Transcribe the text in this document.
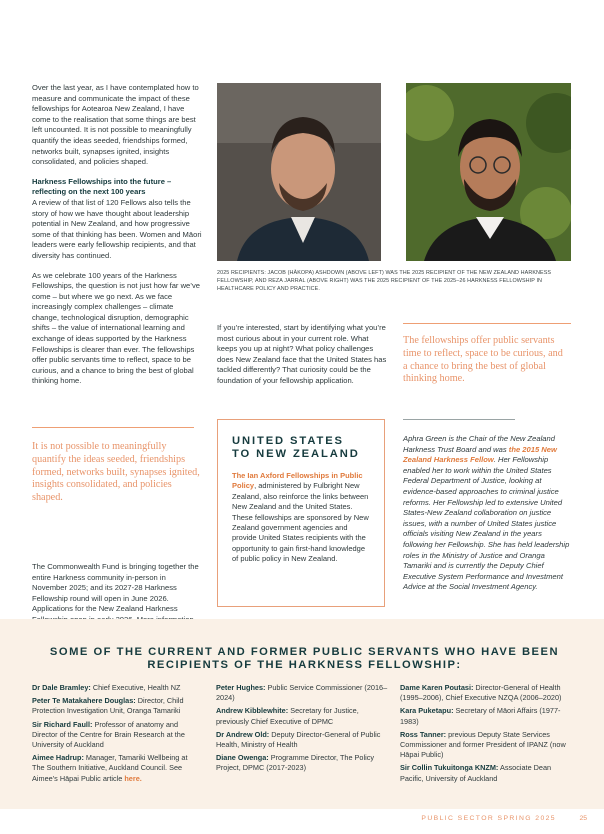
Over the last year, as I have contemplated how to measure and communicate the impact of these fellowships for Aotearoa New Zealand, I have come to the realisation that some things are best left uncounted. It is not possible to meaningfully quantify the ideas seeded, friendships formed, networks built, synapses ignited, insights consolidated, and policies shaped.

Harkness Fellowships into the future – reflecting on the next 100 years

A review of that list of 120 Fellows also tells the story of how we have thought about leadership potential in New Zealand, and how progressive some of that thinking has been. Women and Māori leaders were early fellowship recipients, and that diversity has continued.

As we celebrate 100 years of the Harkness Fellowships, the question is not just how far we’ve come – but where we go next. As we face increasingly complex challenges – climate change, technological disruption, demographic shifts – the value of international learning and exchange of ideas supported by the Harkness Fellowships is clearer than ever. The fellowships offer public servants time to reflect, space to be curious, and a chance to bring the best of global thinking home.

It is not possible to meaningfully quantify the ideas seeded, friendships formed, networks built, synapses ignited, insights consolidated, and policies shaped.
The Commonwealth Fund is bringing together the entire Harkness community in-person in November 2025; and its 2027-28 Harkness Fellowship round will open in June 2026. Applications for the New Zealand Harkness
2025 RECIPIENTS: JACOB (HĀKOPA) ASHDOWN (ABOVE LEFT) WAS THE 2025 RECIPIENT OF THE NEW ZEALAND HARKNESS FELLOWSHIP, AND REZA JARRAL (ABOVE RIGHT) WAS THE 2025 RECIPIENT OF THE 2025–26 HARKNESS FELLOWSHIP IN HEALTHCARE POLICY AND PRACTICE.
If you’re interested, start by identifying what you’re most curious about in your current role. What keeps you up at night? What policy challenges does New Zealand face that the United States has tackled differently? That curiosity could be the foundation of your fellowship application.
UNITED STATES
TO NEW ZEALAND
The Ian Axford Fellowships in Public Policy, administered by Fulbright New Zealand, also reinforce the links between New Zealand and the United States. These fellowships are sponsored by New Zealand government agencies and provide United States recipients with the opportunity to gain first-hand knowledge of public policy in New Zealand.
The fellowships offer public servants time to reflect, space to be curious, and a chance to bring the best of global thinking home.
Aphra Green is the Chair of the New Zealand Harkness Trust Board and was the 2015 New Zealand Harkness Fellow. Her Fellowship enabled her to work within the United States Federal Department of Justice, looking at evidence-based approaches to criminal justice reforms. Her Fellowship led to extensive United States-New Zealand collaboration on justice issues, with a number of United States justice officials visiting New Zealand in the years following her Fellowship. She has held leadership roles in the Ministry of Justice and Oranga Tamariki and is currently the Deputy Chief Executive System Performance and Investment Advice at the Social Investment Agency.
SOME OF THE CURRENT AND FORMER PUBLIC SERVANTS WHO HAVE BEEN RECIPIENTS OF THE HARKNESS FELLOWSHIP:
Dr Dale Bramley: Chief Executive, Health NZ
Peter Te Matakahere Douglas: Director, Child Protection Investigation Unit, Oranga Tamariki
Sir Richard Faull: Professor of anatomy and Director of the Centre for Brain Research at the University of Auckland
Aimee Hadrup: Manager, Tamariki Wellbeing at The Southern Initiative, Auckland Council. See Aimee’s Hāpai Public article here.
Peter Hughes: Public Service Commissioner (2016–2024)
Andrew Kibblewhite: Secretary for Justice, previously Chief Executive of DPMC
Dr Andrew Old: Deputy Director-General of Public Health, Ministry of Health
Diane Owenga: Programme Director, The Policy Project, DPMC (2017-2023)
Dame Karen Poutasi: Director-General of Health (1995–2006), Chief Executive NZQA (2006–2020)
Kara Puketapu: Secretary of Māori Affairs (1977-1983)
Ross Tanner: previous Deputy State Services Commissioner and former President of IPANZ (now Hāpai Public)
Sir Collin Tukuitonga KNZM: Associate Dean Pacific, University of Auckland
PUBLIC SECTOR SPRING 2025	25
